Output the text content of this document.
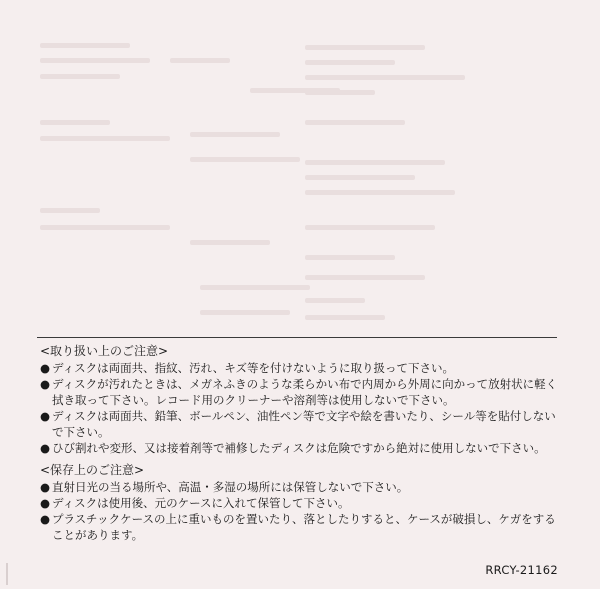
<取り扱い上のご注意>
● ディスクは両面共、指紋、汚れ、キズ等を付けないように取り扱って下さい。
● ディスクが汚れたときは、メガネふきのような柔らかい布で内周から外周に向かって放射状に軽く拭き取って下さい。レコード用のクリーナーや溶剤等は使用しないで下さい。
● ディスクは両面共、鉛筆、ボールペン、油性ペン等で文字や絵を書いたり、シール等を貼付しないで下さい。
● ひび割れや変形、又は接着剤等で補修したディスクは危険ですから絶対に使用しないで下さい。
<保存上のご注意>
● 直射日光の当る場所や、高温・多湿の場所には保管しないで下さい。
● ディスクは使用後、元のケースに入れて保管して下さい。
● プラスチックケースの上に重いものを置いたり、落としたりすると、ケースが破損し、ケガをすることがあります。
RRCY-21162
